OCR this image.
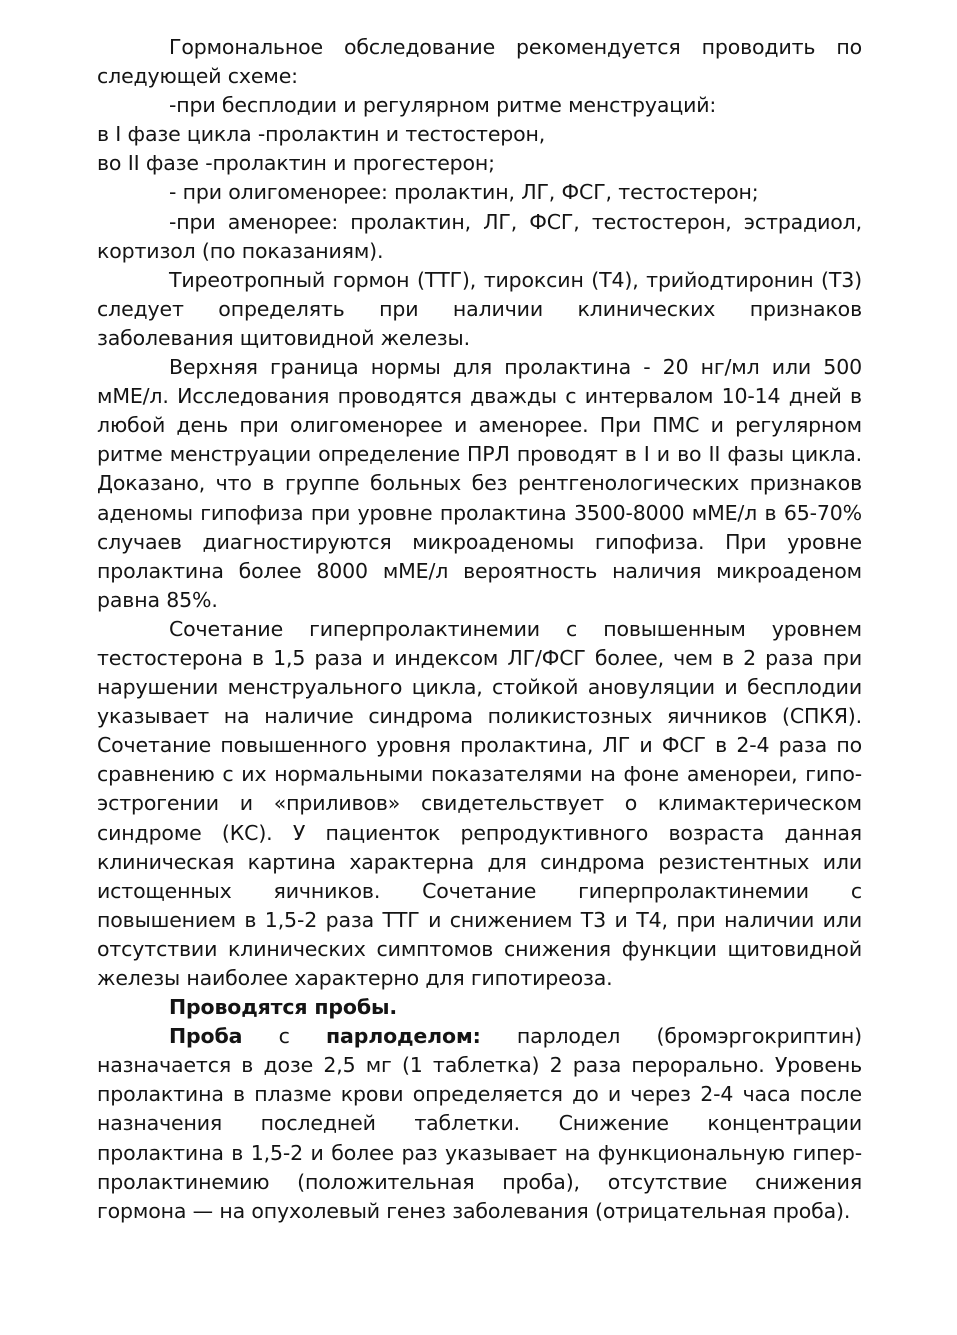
Гормональное обследование рекомендуется проводить по следующей схеме:

-при бесплодии и регулярном ритме менструаций:

в I фазе цикла -пролактин и тестостерон,

во II фазе -пролактин и прогестерон;

- при олигоменорее: пролактин, ЛГ, ФСГ, тестостерон;

-при аменорее: пролактин, ЛГ, ФСГ, тестостерон, эстрадиол, кортизол (по показаниям).

Тиреотропный гормон (ТТГ), тироксин (Т4), трийодтиронин (Т3) следует определять при наличии клинических признаков заболевания щитовидной железы.

Верхняя граница нормы для пролактина - 20 нг/мл или 500 мМЕ/л. Исследования проводятся дважды с интервалом 10-14 дней в любой день при олигоменорее и аменорее. При ПМС и регулярном ритме менструации определение ПРЛ проводят в I и во II фазы цикла. Доказано, что в группе больных без рентгенологических признаков аденомы гипофиза при уровне пролактина 3500-8000 мМЕ/л в 65-70% случаев диагностируются микроаденомы гипофиза. При уровне пролактина более 8000 мМЕ/л вероятность наличия микроаденом равна 85%.

Сочетание гиперпролактинемии с повышенным уровнем тестостерона в 1,5 раза и индексом ЛГ/ФСГ более, чем в 2 раза при нарушении менструального цикла, стойкой ановуляции и бесплодии указывает на наличие синдрома поликистозных яичников (СПКЯ). Сочетание повышенного уровня пролактина, ЛГ и ФСГ в 2-4 раза по сравнению с их нормальными показателями на фоне аменореи, гипо-эстрогении и «приливов» свидетельствует о климактерическом синдроме (КС). У пациенток репродуктивного возраста данная клиническая картина характерна для синдрома резистентных или истощенных яичников. Сочетание гиперпролактинемии с повышением в 1,5-2 раза ТТГ и снижением Т3 и Т4, при наличии или отсутствии клинических симптомов снижения функции щитовидной железы наиболее характерно для гипотиреоза.

Проводятся пробы.

Проба с парлоделом: парлодел (бромэргокриптин) назначается в дозе 2,5 мг (1 таблетка) 2 раза перорально. Уровень пролактина в плазме крови определяется до и через 2-4 часа после назначения последней таблетки. Снижение концентрации пролактина в 1,5-2 и более раз указывает на функциональную гипер-пролактинемию (положительная проба), отсутствие снижения гормона — на опухолевый генез заболевания (отрицательная проба).
